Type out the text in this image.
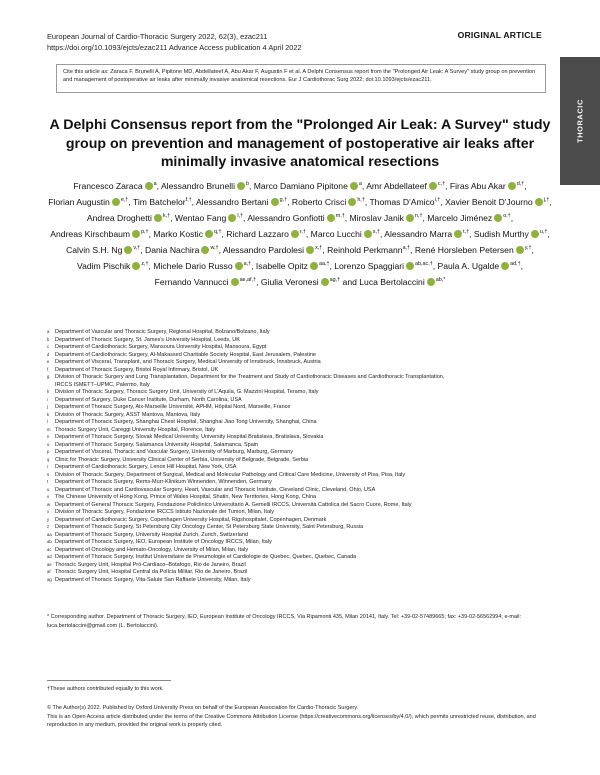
European Journal of Cardio-Thoracic Surgery 2022, 62(3), ezac211
https://doi.org/10.1093/ejcts/ezac211 Advance Access publication 4 April 2022
ORIGINAL ARTICLE
THORACIC
Cite this article as: Zaraca F, Brunelli A, Pipitone MD, Abdellateef A, Abu Akar F, Augustin F et al. A Delphi Consensus report from the "Prolonged Air Leak: A Survey" study group on prevention and management of postoperative air leaks after minimally invasive anatomical resections. Eur J Cardiothorac Surg 2022; doi:10.1093/ejcts/ezac211.
A Delphi Consensus report from the "Prolonged Air Leak: A Survey" study group on prevention and management of postoperative air leaks after minimally invasive anatomical resections
Francesco Zaraca $^a$, Alessandro Brunelli $^b$, Marco Damiano Pipitone $^a$, Amr Abdellateef $^{c,\dagger}$, Firas Abu Akar $^{d,\dagger}$, Florian Augustin $^{e,\dagger}$, Tim Batchelor$^{f,\dagger}$, Alessandro Bertani $^{g,\dagger}$, Roberto Crisci $^{h,\dagger}$, Thomas D'Amico$^{i,\dagger}$, Xavier Benoit D'Journo $^{j,\dagger}$, Andrea Droghetti $^{k,\dagger}$, Wentao Fang $^{l,\dagger}$, Alessandro Gonfiotti $^{m,\dagger}$, Miroslav Janik $^{n,\dagger}$, Marcelo Jiménez $^{o,\dagger}$, Andreas Kirschbaum $^{p,\dagger}$, Marko Kostic $^{q,\dagger}$, Richard Lazzaro $^{r,\dagger}$, Marco Lucchi $^{s,\dagger}$, Alessandro Marra $^{t,\dagger}$, Sudish Murthy $^{u,\dagger}$, Calvin S.H. Ng $^{v,\dagger}$, Dania Nachira $^{w,\dagger}$, Alessandro Pardolesi $^{x,\dagger}$, Reinhold Perkmann$^{a,\dagger}$, René Horsleben Petersen $^{y,\dagger}$, Vadim Pischik $^{z,\dagger}$, Michele Dario Russo $^{a,\dagger}$, Isabelle Opitz $^{aa,\dagger}$, Lorenzo Spaggiari $^{ab,ac,\dagger}$, Paula A. Ugalde $^{ad,\dagger}$, Fernando Vannucci $^{ae,af,\dagger}$, Giulia Veronesi $^{ag,\dagger}$ and Luca Bertolaccini $^{ab,*}$
a Department of Vascular and Thoracic Surgery, Regional Hospital, Bolzano/Bolzano, Italy
b Department of Thoracic Surgery, St. James's University Hospital, Leeds, UK
c Department of Cardiothoracic Surgery, Mansoura University Hospital, Mansoura, Egypt
d Department of Cardiothoracic Surgery, Al-Makassed Charitable Society Hospital, East Jerusalem, Palestine
e Department of Visceral, Transplant, and Thoracic Surgery, Medical University of Innsbruck, Innsbruck, Austria
f Department of Thoracic Surgery, Bristol Royal Infirmary, Bristol, UK
g Division of Thoracic Surgery and Lung Transplantation, Department for the Treatment and Study of Cardiothoracic Diseases and Cardiothoracic Transplantation,
IRCCS ISMETT–UPMC, Palermo, Italy
h Division of Thoracic Surgery, Thoracic Surgery Unit, University of L'Aquila, G. Mazzini Hospital, Teramo, Italy
i Department of Surgery, Duke Cancer Institute, Durham, North Carolina, USA
j Department of Thoracic Surgery, Aix-Marseille Université, APHM, Hôpital Nord, Marseille, France
k Division of Thoracic Surgery, ASST Mantova, Mantova, Italy
l Department of Thoracic Surgery, Shanghai Chest Hospital, Shanghai Jiao Tong University, Shanghai, China
m Thoracic Surgery Unit, Careggi University Hospital, Florence, Italy
n Department of Thoracic Surgery, Slovak Medical University, University Hospital Bratislava, Bratislava, Slovakia
o Department of Thoracic Surgery, Salamanca University Hospital, Salamanca, Spain
p Department of Visceral, Thoracic and Vascular Surgery, University of Marburg, Marburg, Germany
q Clinic for Thoracic Surgery, University Clinical Center of Serbia, University of Belgrade, Belgrade, Serbia
r Department of Cardiothoracic Surgery, Lenox Hill Hospital, New York, USA
s Division of Thoracic Surgery, Department of Surgical, Medical and Molecular Pathology and Critical Care Medicine, University of Pisa, Pisa, Italy
t Department of Thoracic Surgery, Rems-Murr-Klinikum Winnenden, Winnenden, Germany
u Department of Thoracic and Cardiovascular Surgery, Heart, Vascular and Thoracic Institute, Cleveland Clinic, Cleveland, Ohio, USA
v The Chinese University of Hong Kong, Prince of Wales Hospital, Shatin, New Territories, Hong Kong, China
w Department of General Thoracic Surgery, Fondazione Policlinico Universitario A. Gemelli IRCCS, Università Cattolica del Sacro Cuore, Rome, Italy
x Division of Thoracic Surgery, Fondazione IRCCS Istituto Nazionale dei Tumori, Milan, Italy
y Department of Cardiothoracic Surgery, Copenhagen University Hospital, Rigshospitalet, Copenhagen, Denmark
z Department of Thoracic Surgery, St Petersburg City Oncology Center, St Petersburg State University, Saint Petersburg, Russia
aa Department of Thoracic Surgery, University Hospital Zurich, Zurich, Switzerland
ab Department of Thoracic Surgery, IEO, European Institute of Oncology IRCCS, Milan, Italy
ac Department of Oncology and Hemato-Oncology, University of Milan, Milan, Italy
ad Department of Thoracic Surgery, Institut Universitaire de Pneumologie et Cardiologie de Quebec, Quebec, Quebec, Canada
ae Thoracic Surgery Unit, Hospital Pró-Cardíaco–Botafogo, Rio de Janeiro, Brazil
af Thoracic Surgery Unit, Hospital Central da Polícia Militar, Rio de Janeiro, Brazil
ag Department of Thoracic Surgery, Vita-Salute San Raffaele University, Milan, Italy
* Corresponding author. Department of Thoracic Surgery, IEO, European Institute of Oncology IRCCS, Via Ripamonti 435, Milan 20141, Italy. Tel: +39-02-57489665; fax: +39-02-56562994; e-mail: luca.bertolaccini@gmail.com (L. Bertolaccini).
†These authors contributed equally to this work.
© The Author(s) 2022. Published by Oxford University Press on behalf of the European Association for Cardio-Thoracic Surgery.
This is an Open Access article distributed under the terms of the Creative Commons Attribution License (https://creativecommons.org/licenses/by/4.0/), which permits unrestricted reuse, distribution, and reproduction in any medium, provided the original work is properly cited.
